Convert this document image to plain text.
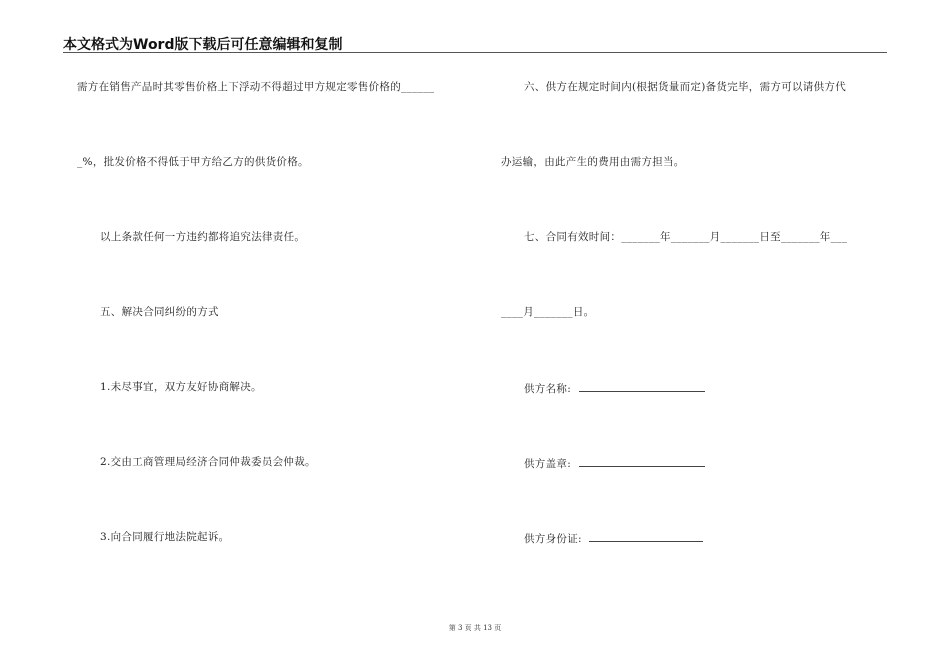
本文格式为Word版下载后可任意编辑和复制
需方在销售产品时其零售价格上下浮动不得超过甲方规定零售价格的______
_%，批发价格不得低于甲方给乙方的供货价格。
以上条款任何一方违约都将追究法律责任。
五、解决合同纠纷的方式
1.未尽事宜，双方友好协商解决。
2.交由工商管理局经济合同仲裁委员会仲裁。
3.向合同履行地法院起诉。
六、供方在规定时间内(根据货量而定)备货完毕，需方可以请供方代
办运输，由此产生的费用由需方担当。
七、合同有效时间：_______年_______月_______日至_______年___
____月_______日。
供方名称:
供方盖章:
供方身份证:
第 3 页 共 13 页
